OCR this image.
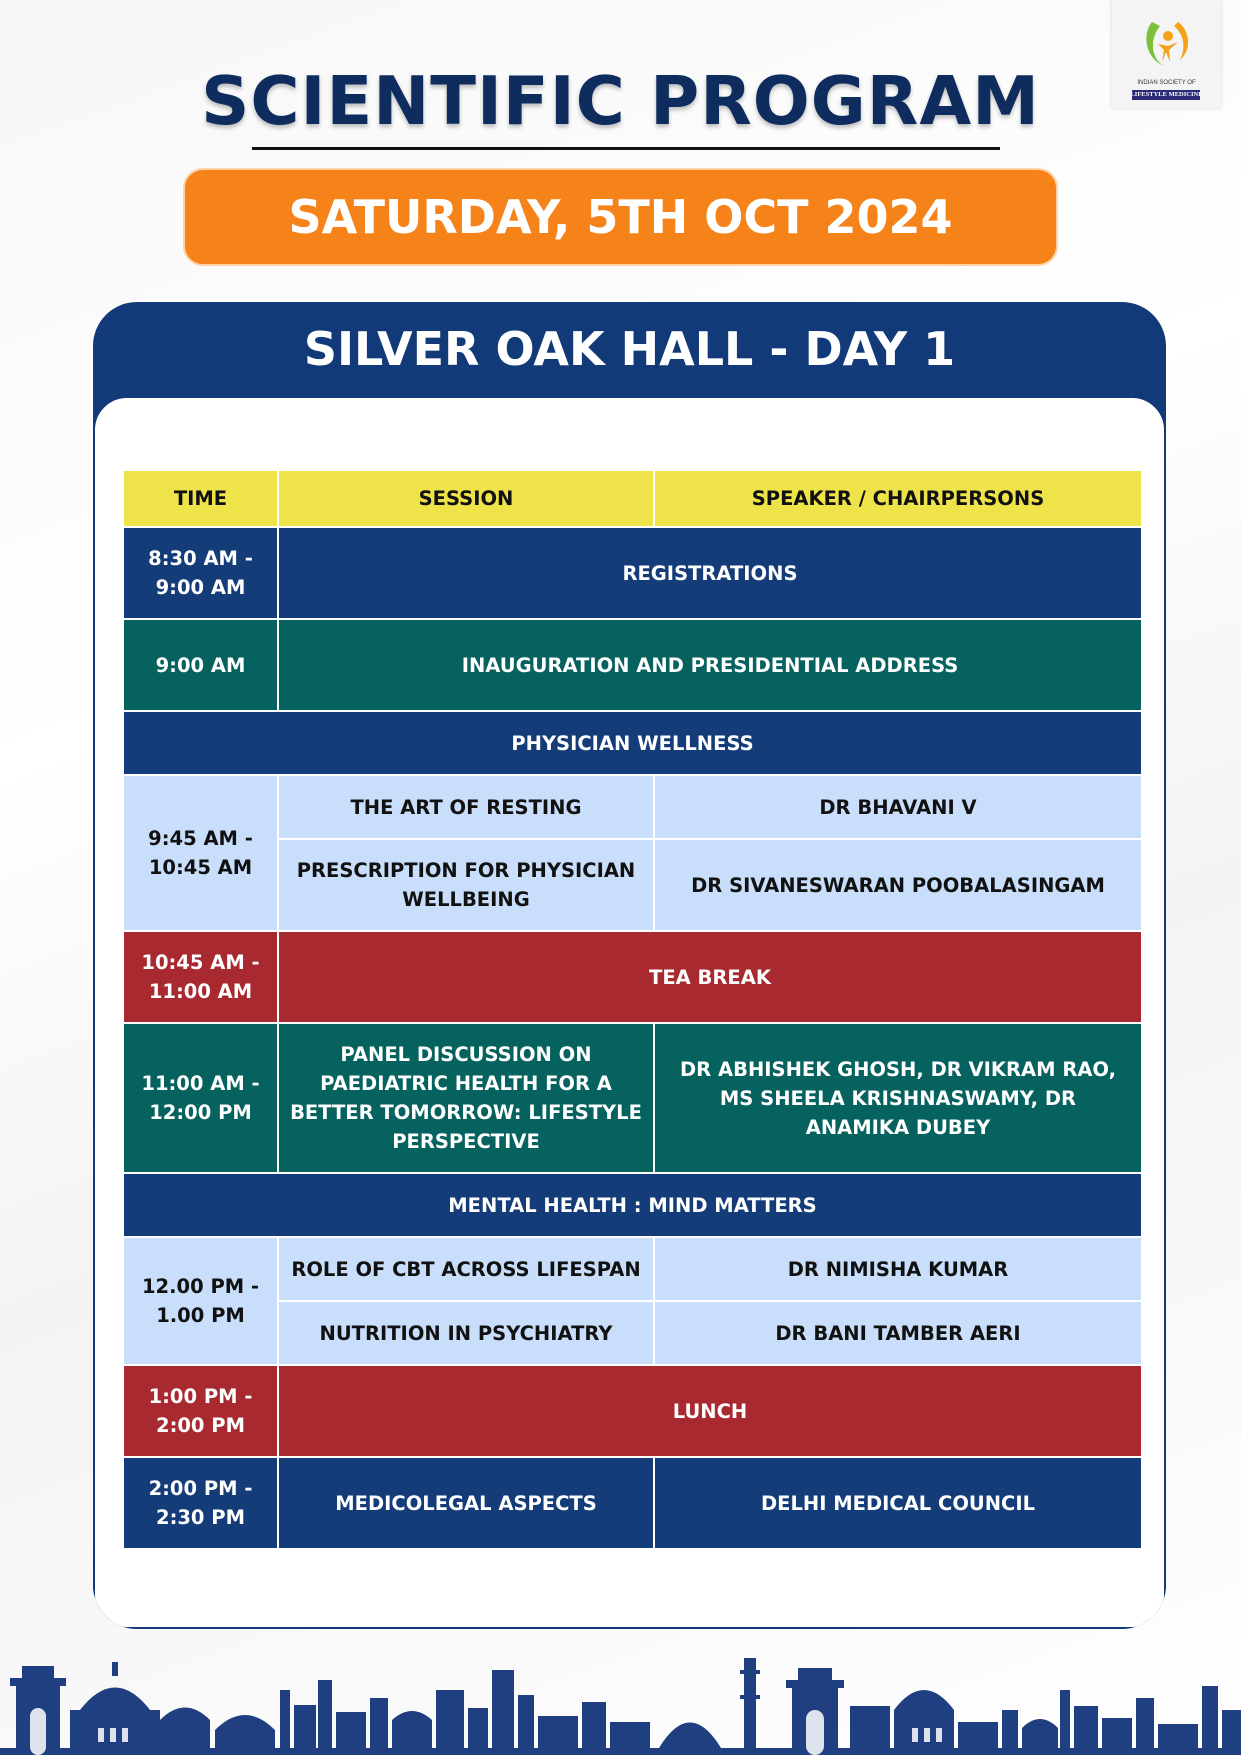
INDIAN SOCIETY OF
LIFESTYLE MEDICINE
SCIENTIFIC PROGRAM
SATURDAY, 5TH OCT 2024
SILVER OAK HALL - DAY 1
TIME	SESSION	SPEAKER / CHAIRPERSONS
8:30 AM - 9:00 AM	REGISTRATIONS	
9:00 AM	INAUGURATION AND PRESIDENTIAL ADDRESS	
PHYSICIAN WELLNESS		
9:45 AM - 10:45 AM	THE ART OF RESTING	DR BHAVANI V
	PRESCRIPTION FOR PHYSICIAN WELLBEING	DR SIVANESWARAN POOBALASINGAM
10:45 AM - 11:00 AM	TEA BREAK	
11:00 AM - 12:00 PM	PANEL DISCUSSION ON PAEDIATRIC HEALTH FOR A BETTER TOMORROW: LIFESTYLE PERSPECTIVE	DR ABHISHEK GHOSH, DR VIKRAM RAO, MS SHEELA KRISHNASWAMY, DR ANAMIKA DUBEY
MENTAL HEALTH : MIND MATTERS		
12.00 PM - 1.00 PM	ROLE OF CBT ACROSS LIFESPAN	DR NIMISHA KUMAR
	NUTRITION IN PSYCHIATRY	DR BANI TAMBER AERI
1:00 PM - 2:00 PM	LUNCH	
2:00 PM - 2:30 PM	MEDICOLEGAL ASPECTS	DELHI MEDICAL COUNCIL
